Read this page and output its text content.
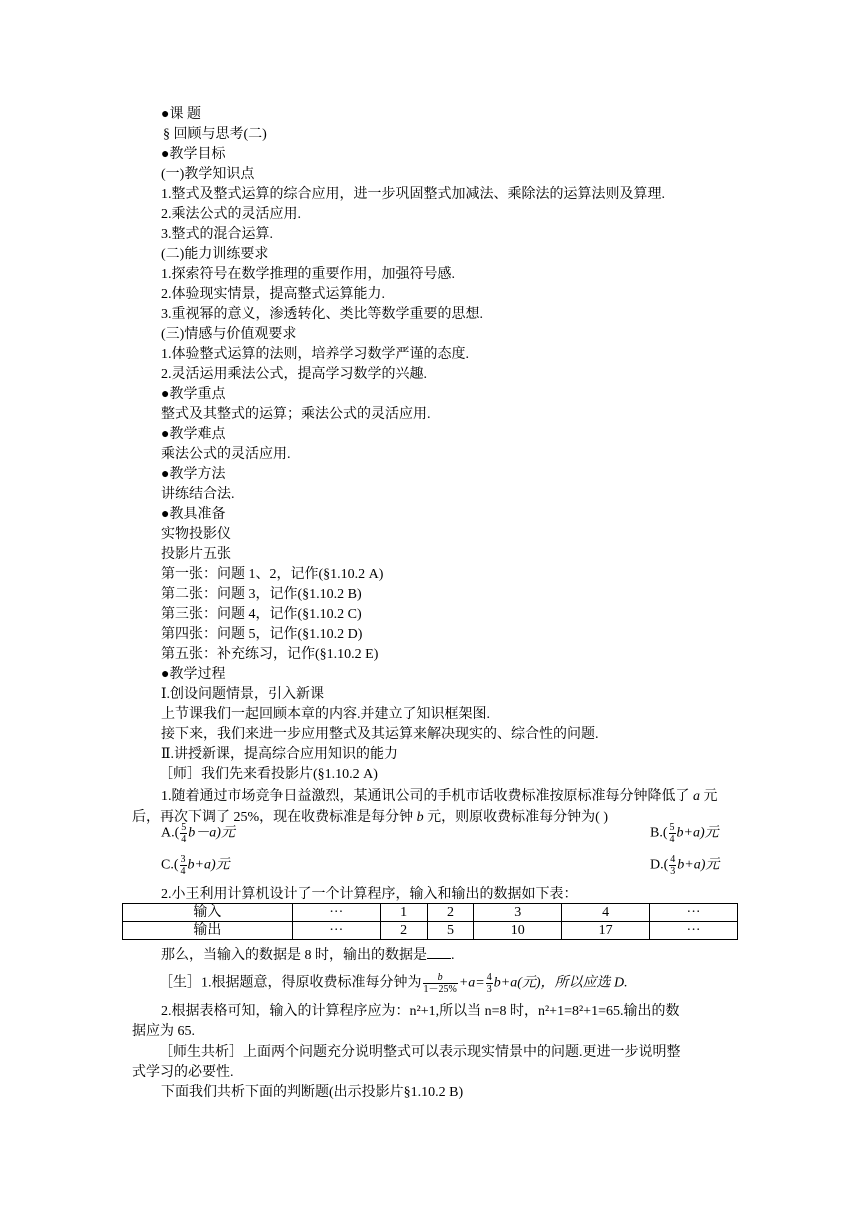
●课 题
§ 回顾与思考(二)
●教学目标
(一)教学知识点
1.整式及整式运算的综合应用，进一步巩固整式加减法、乘除法的运算法则及算理.
2.乘法公式的灵活应用.
3.整式的混合运算.
(二)能力训练要求
1.探索符号在数学推理的重要作用，加强符号感.
2.体验现实情景，提高整式运算能力.
3.重视幂的意义，渗透转化、类比等数学重要的思想.
(三)情感与价值观要求
1.体验整式运算的法则，培养学习数学严谨的态度.
2.灵活运用乘法公式，提高学习数学的兴趣.
●教学重点
整式及其整式的运算；乘法公式的灵活应用.
●教学难点
乘法公式的灵活应用.
●教学方法
讲练结合法.
●教具准备
实物投影仪
投影片五张
第一张：问题 1、2，记作(§1.10.2 A)
第二张：问题 3，记作(§1.10.2 B)
第三张：问题 4，记作(§1.10.2 C)
第四张：问题 5，记作(§1.10.2 D)
第五张：补充练习，记作(§1.10.2 E)
●教学过程
Ⅰ.创设问题情景，引入新课
上节课我们一起回顾本章的内容.并建立了知识框架图.
接下来，我们来进一步应用整式及其运算来解决现实的、综合性的问题.
Ⅱ.讲授新课，提高综合应用知识的能力
［师］我们先来看投影片(§1.10.2 A)
1.随着通过市场竞争日益激烈，某通讯公司的手机市话收费标准按原标准每分钟降低了 a 元后，再次下调了 25%，现在收费标准是每分钟 b 元，则原收费标准每分钟为( )
$A.( \frac{5}{4} b-a)$元	$B.( \frac{5}{4} b+a)$元
$C.( \frac{3}{4} b+a)$元	$D.( \frac{4}{3} b+a)$元
2.小王利用计算机设计了一个计算程序，输入和输出的数据如下表：
输入	···	1	2	3	4	···
输出	···	2	5	10	17	···
那么，当输入的数据是 8 时，输出的数据是 .
［生］1.根据题意，得原收费标准每分钟为 $\frac{b}{1-25\%} +a= \frac{4}{3} b+a$(元)，所以应选 D.
2.根据表格可知，输入的计算程序应为：n²+1,所以当 n=8 时，n²+1=8²+1=65.输出的数
据应为 65.
［师生共析］上面两个问题充分说明整式可以表示现实情景中的问题.更进一步说明整
式学习的必要性.
下面我们共析下面的判断题(出示投影片§1.10.2 B)
